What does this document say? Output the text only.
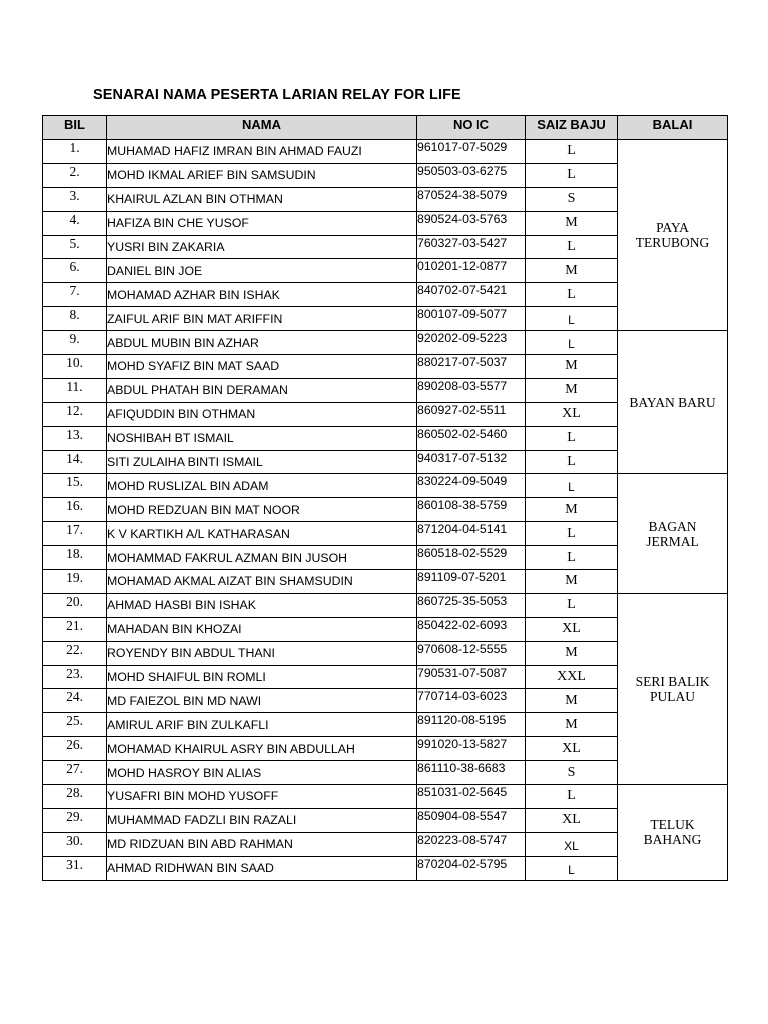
SENARAI NAMA PESERTA LARIAN RELAY FOR LIFE
BIL	NAMA	NO IC	SAIZ BAJU	BALAI
1.	MUHAMAD HAFIZ IMRAN BIN AHMAD FAUZI	961017-07-5029	L	PAYA
TERUBONG

2.	MOHD IKMAL ARIEF BIN SAMSUDIN	950503-03-6275	L	
3.	KHAIRUL AZLAN BIN OTHMAN	870524-38-5079	S	
4.	HAFIZA BIN CHE YUSOF	890524-03-5763	M	
5.	YUSRI BIN ZAKARIA	760327-03-5427	L	
6.	DANIEL BIN JOE	010201-12-0877	M	
7.	MOHAMAD AZHAR BIN ISHAK	840702-07-5421	L	
8.	ZAIFUL ARIF BIN MAT ARIFFIN	800107-09-5077	L	
9.	ABDUL MUBIN BIN AZHAR	920202-09-5223	L	BAYAN BARU

10.	MOHD SYAFIZ BIN MAT SAAD	880217-07-5037	M	
11.	ABDUL PHATAH BIN DERAMAN	890208-03-5577	M	
12.	AFIQUDDIN BIN OTHMAN	860927-02-5511	XL	
13.	NOSHIBAH BT ISMAIL	860502-02-5460	L	
14.	SITI ZULAIHA BINTI ISMAIL	940317-07-5132	L	
15.	MOHD RUSLIZAL BIN ADAM	830224-09-5049	L	BAGAN
JERMAL

16.	MOHD REDZUAN BIN MAT NOOR	860108-38-5759	M	
17.	K V KARTIKH A/L KATHARASAN	871204-04-5141	L	
18.	MOHAMMAD FAKRUL AZMAN BIN JUSOH	860518-02-5529	L	
19.	MOHAMAD AKMAL AIZAT BIN SHAMSUDIN	891109-07-5201	M	
20.	AHMAD HASBI BIN ISHAK	860725-35-5053	L	SERI BALIK
PULAU

21.	MAHADAN BIN KHOZAI	850422-02-6093	XL	
22.	ROYENDY BIN ABDUL THANI	970608-12-5555	M	
23.	MOHD SHAIFUL BIN ROMLI	790531-07-5087	XXL	
24.	MD FAIEZOL BIN MD NAWI	770714-03-6023	M	
25.	AMIRUL ARIF BIN ZULKAFLI	891120-08-5195	M	
26.	MOHAMAD KHAIRUL ASRY BIN ABDULLAH	991020-13-5827	XL	
27.	MOHD HASROY BIN ALIAS	861110-38-6683	S	
28.	YUSAFRI BIN MOHD YUSOFF	851031-02-5645	L	TELUK
BAHANG

29.	MUHAMMAD FADZLI BIN RAZALI	850904-08-5547	XL	
30.	MD RIDZUAN BIN ABD RAHMAN	820223-08-5747	XL	
31.	AHMAD RIDHWAN BIN SAAD	870204-02-5795	L	
